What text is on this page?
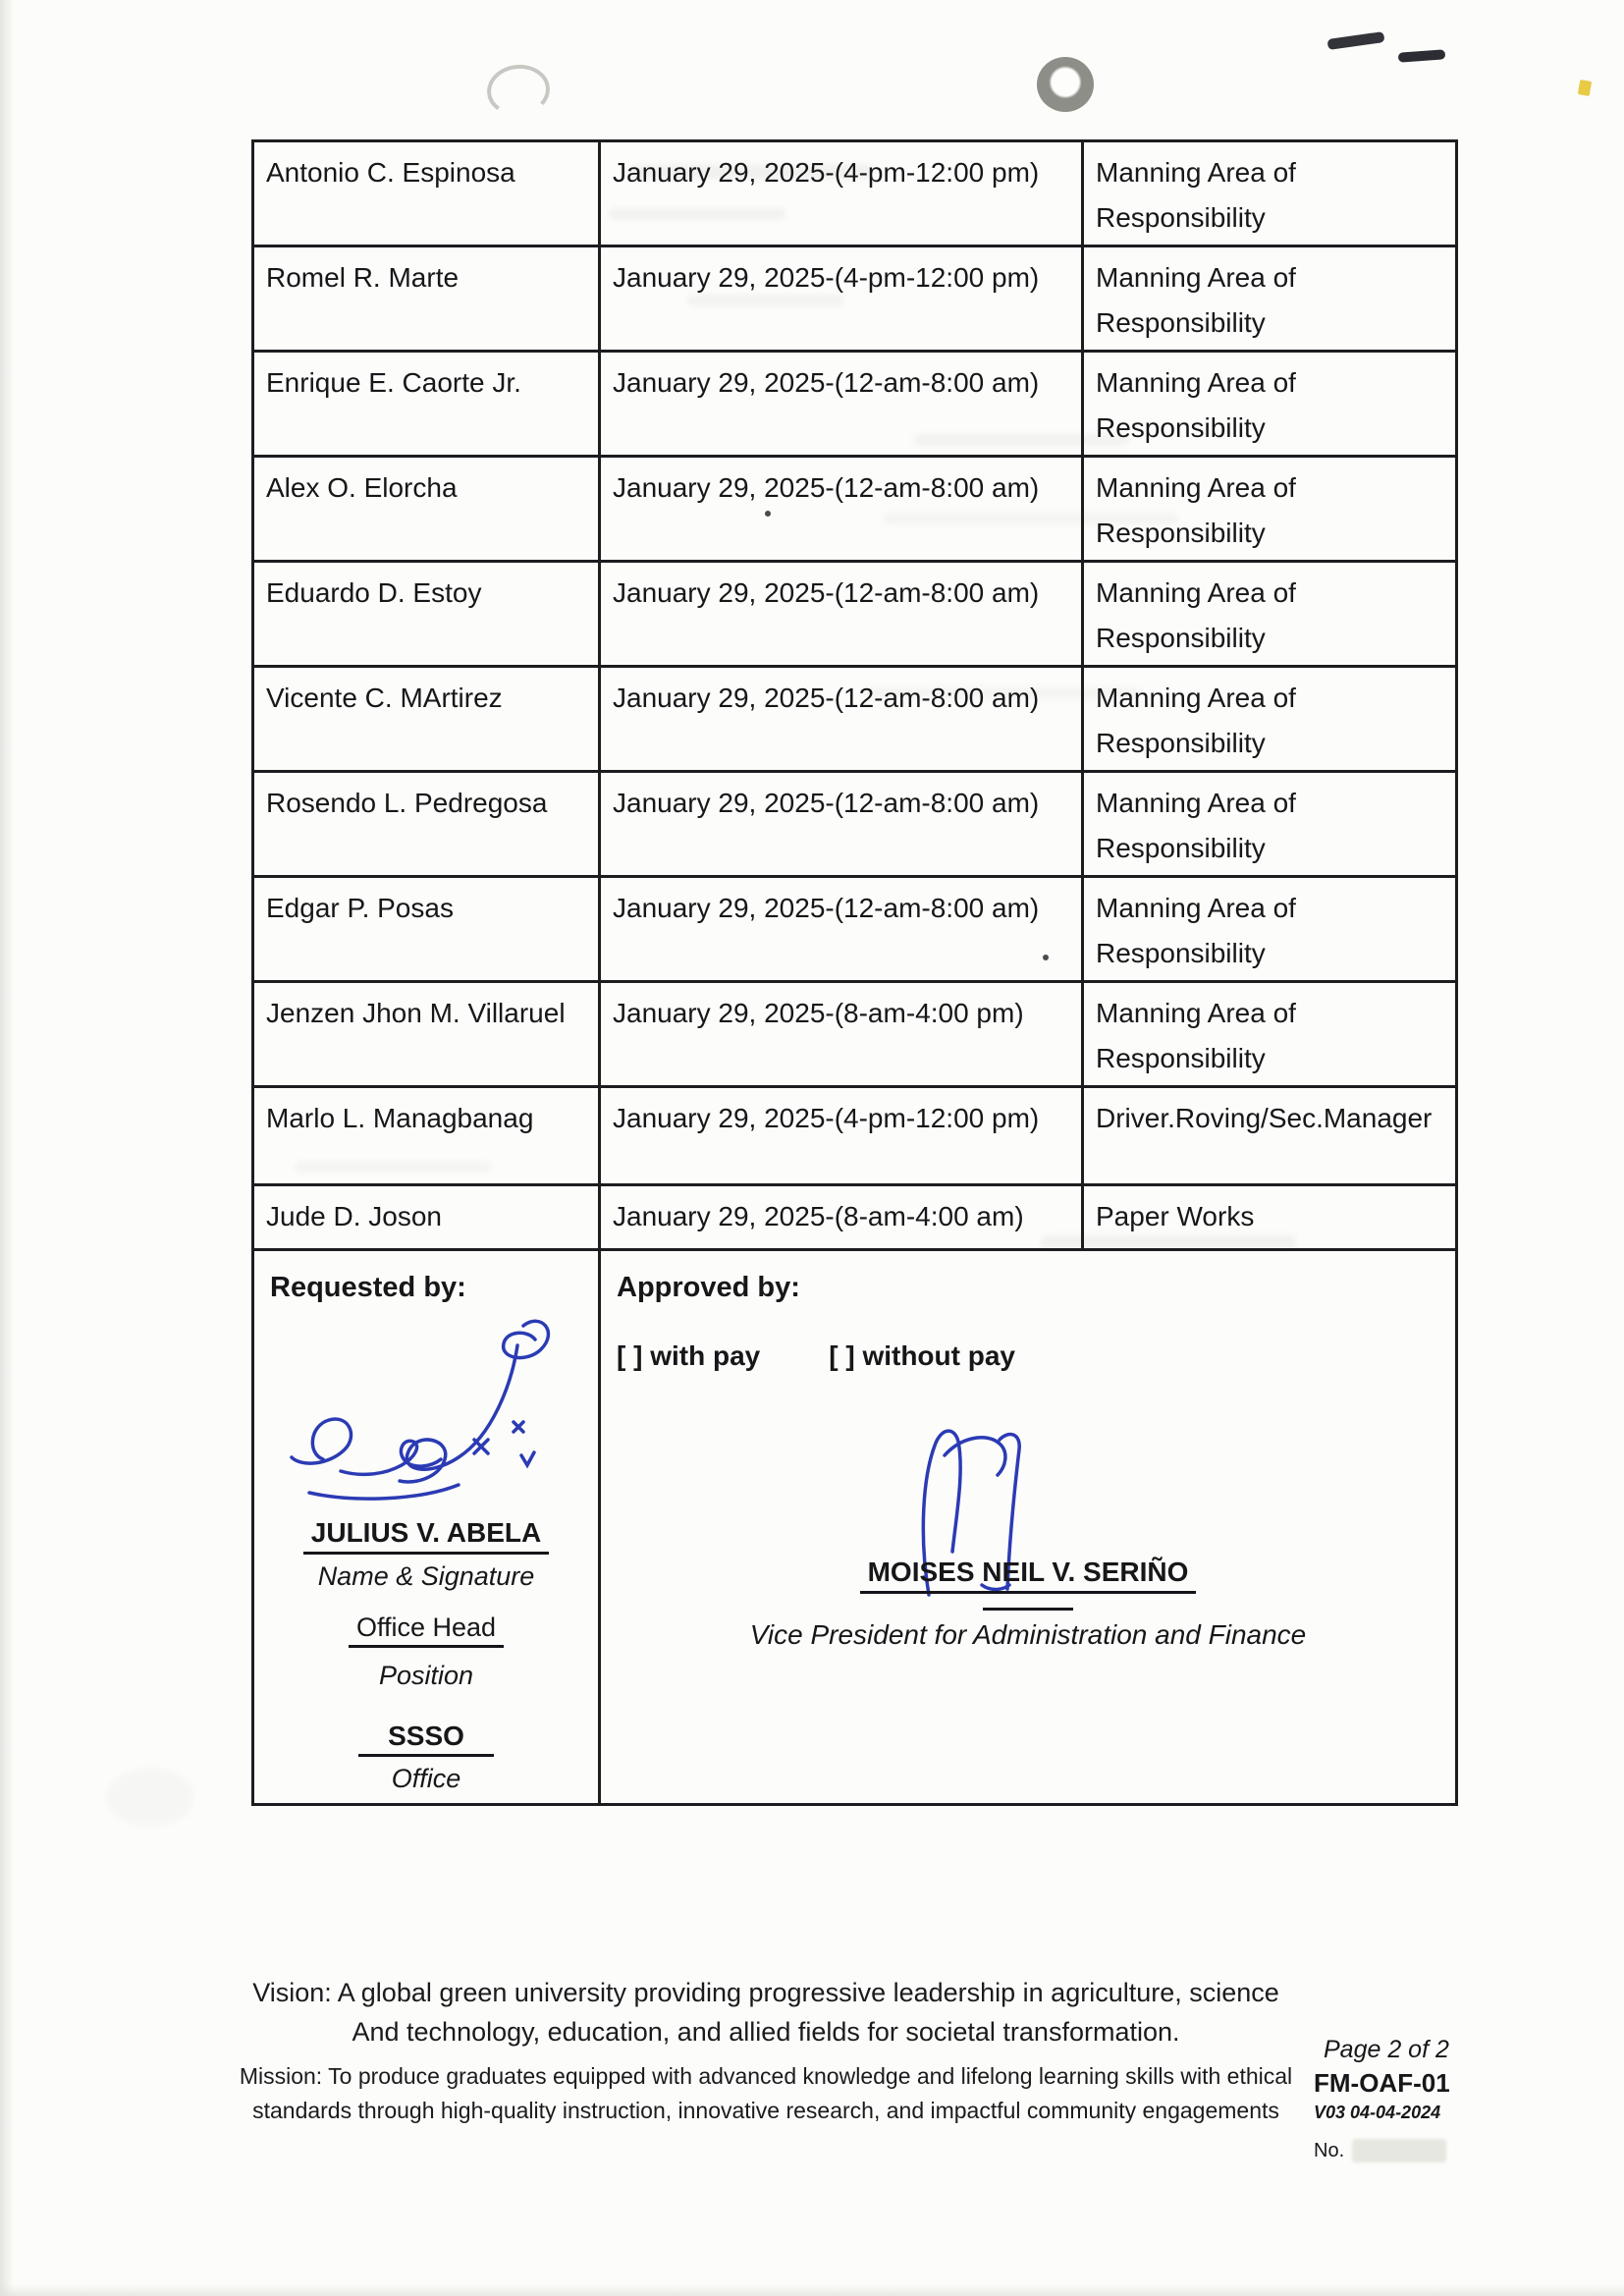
Antonio C. Espinosa	January 29, 2025-(4-pm-12:00 pm)	Manning Area of Responsibility
Romel R. Marte	January 29, 2025-(4-pm-12:00 pm)	Manning Area of Responsibility
Enrique E. Caorte Jr.	January 29, 2025-(12-am-8:00 am)	Manning Area of Responsibility
Alex O. Elorcha	January 29, 2025-(12-am-8:00 am)	Manning Area of Responsibility
Eduardo D. Estoy	January 29, 2025-(12-am-8:00 am)	Manning Area of Responsibility
Vicente C. MArtirez	January 29, 2025-(12-am-8:00 am)	Manning Area of Responsibility
Rosendo L. Pedregosa	January 29, 2025-(12-am-8:00 am)	Manning Area of Responsibility
Edgar P. Posas	January 29, 2025-(12-am-8:00 am)	Manning Area of Responsibility
Jenzen Jhon M. Villaruel	January 29, 2025-(8-am-4:00 pm)	Manning Area of Responsibility
Marlo L. Managbanag	January 29, 2025-(4-pm-12:00 pm)	Driver.Roving/Sec.Manager
Jude D. Joson	January 29, 2025-(8-am-4:00 am)	Paper Works

Requested by:
JULIUS V. ABELA
Name & Signature
Office Head
Position
SSSO
Office

Approved by:
[ ] with pay	[ ] without pay
MOISES NEIL V. SERIÑO
Vice President for Administration and Finance
Vision: A global green university providing progressive leadership in agriculture, science
And technology, education, and allied fields for societal transformation.
Mission: To produce graduates equipped with advanced knowledge and lifelong learning skills with ethical
standards through high-quality instruction, innovative research, and impactful community engagements
Page 2 of 2
FM-OAF-01
V03 04-04-2024
No.
